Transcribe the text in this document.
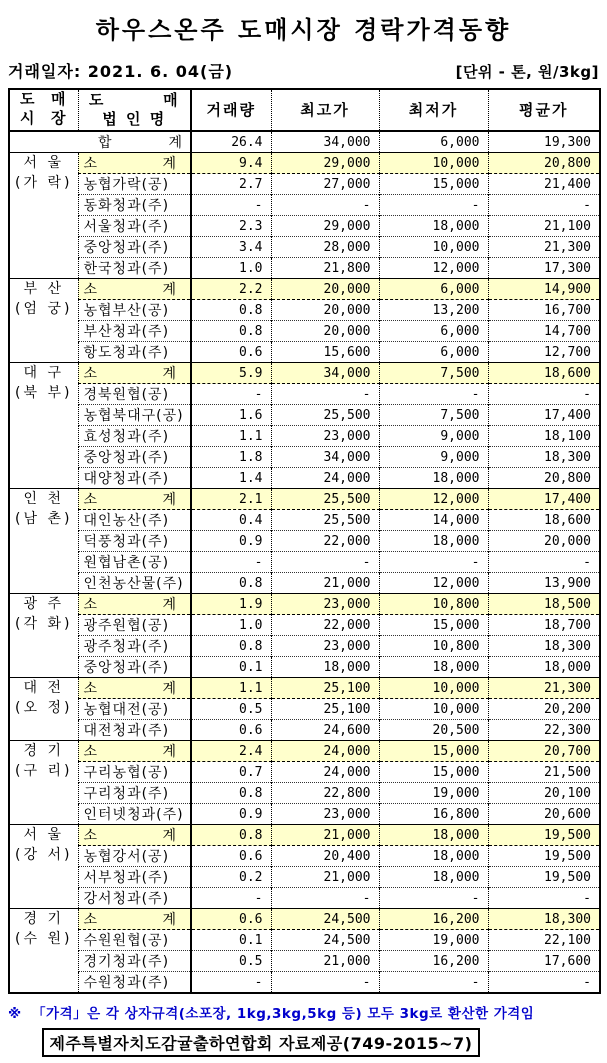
하우스온주 도매시장 경락가격동향
거래일자: 2021. 6. 04(금)	[단위 - 톤, 원/3kg]
도  매
시  장

도        매
법 인 명

거래량	최고가	최저가	평균가

합 계		26.4	34,000	6,000	19,300

서 울
(가 락)

소	계	9.4	29,000	10,000	20,800
	농협가락(공)	2.7	27,000	15,000	21,400
	동화청과(주)	-	-	-	-
	서울청과(주)	2.3	29,000	18,000	21,100
	중앙청과(주)	3.4	28,000	10,000	21,300
	한국청과(주)	1.0	21,800	12,000	17,300

부 산
(엄 궁)

소	계	2.2	20,000	6,000	14,900
	농협부산(공)	0.8	20,000	13,200	16,700
	부산청과(주)	0.8	20,000	6,000	14,700
	항도청과(주)	0.6	15,600	6,000	12,700

대 구
(북 부)

소	계	5.9	34,000	7,500	18,600
	경북원협(공)	-	-	-	-
	농협북대구(공)	1.6	25,500	7,500	17,400
	효성청과(주)	1.1	23,000	9,000	18,100
	중앙청과(주)	1.8	34,000	9,000	18,300
	대양청과(주)	1.4	24,000	18,000	20,800

인 천
(남 촌)

소	계	2.1	25,500	12,000	17,400
	대인농산(주)	0.4	25,500	14,000	18,600
	덕풍청과(주)	0.9	22,000	18,000	20,000
	원협남촌(공)	-	-	-	-
	인천농산물(주)	0.8	21,000	12,000	13,900

광 주
(각 화)

소	계	1.9	23,000	10,800	18,500
	광주원협(공)	1.0	22,000	15,000	18,700
	광주청과(주)	0.8	23,000	10,800	18,300
	중앙청과(주)	0.1	18,000	18,000	18,000

대 전
(오 정)

소	계	1.1	25,100	10,000	21,300
	농협대전(공)	0.5	25,100	10,000	20,200
	대전청과(주)	0.6	24,600	20,500	22,300

경 기
(구 리)

소	계	2.4	24,000	15,000	20,700
	구리농협(공)	0.7	24,000	15,000	21,500
	구리청과(주)	0.8	22,800	19,000	20,100
	인터넷청과(주)	0.9	23,000	16,800	20,600

서 울
(강 서)

소	계	0.8	21,000	18,000	19,500
	농협강서(공)	0.6	20,400	18,000	19,500
	서부청과(주)	0.2	21,000	18,000	19,500
	강서청과(주)	-	-	-	-

경 기
(수 원)

소	계	0.6	24,500	16,200	18,300
	수원원협(공)	0.1	24,500	19,000	22,100
	경기청과(주)	0.5	21,000	16,200	17,600
	수원청과(주)	-	-	-	-
※  「가격」은 각 상자규격(소포장, 1kg,3kg,5kg 등) 모두 3kg로 환산한 가격임
제주특별자치도감귤출하연합회 자료제공(749-2015~7)
